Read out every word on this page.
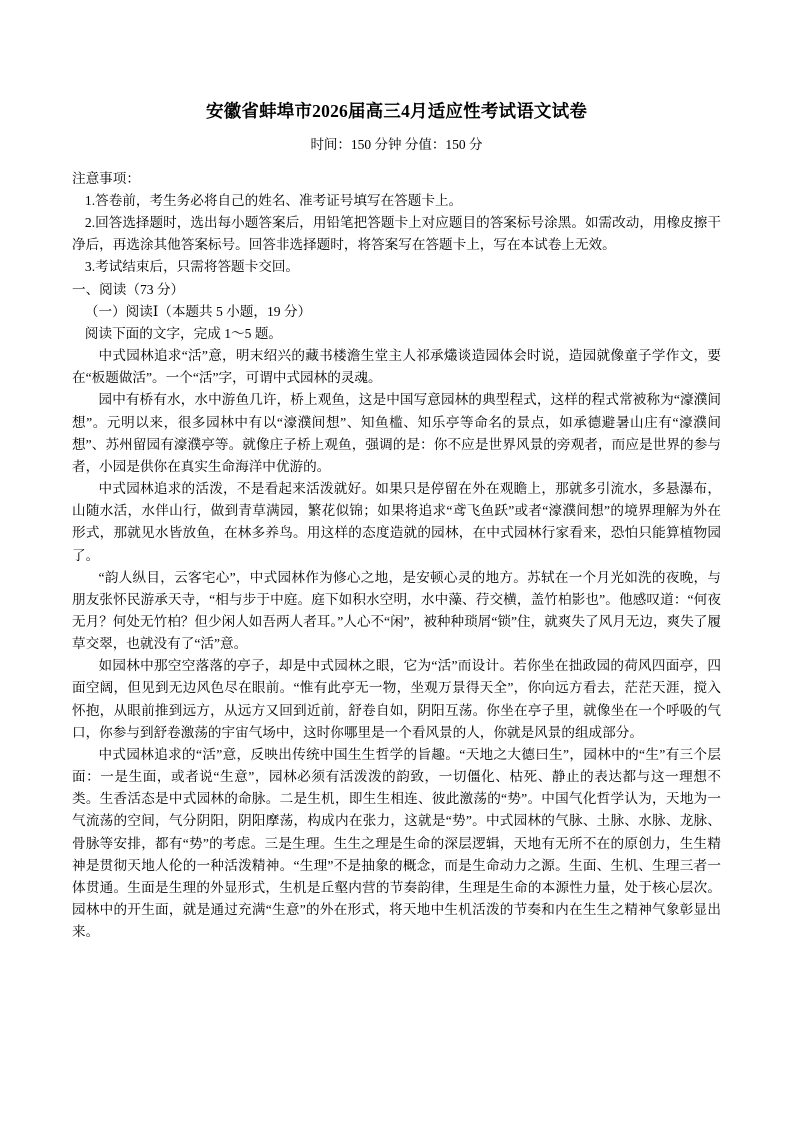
安徽省蚌埠市2026届高三4月适应性考试语文试卷
时间：150 分钟 分值：150 分

注意事项：

1.答卷前，考生务必将自己的姓名、准考证号填写在答题卡上。

2.回答选择题时，选出每小题答案后，用铅笔把答题卡上对应题目的答案标号涂黑。如需改动，用橡皮擦干净后，再选涂其他答案标号。回答非选择题时，将答案写在答题卡上，写在本试卷上无效。

3.考试结束后，只需将答题卡交回。

一、阅读（73 分）

（一）阅读Ⅰ（本题共 5 小题，19 分）

阅读下面的文字，完成 1～5 题。

中式园林追求“活”意，明末绍兴的藏书楼澹生堂主人祁承爜谈造园体会时说，造园就像童子学作文，要在“板题做活”。一个“活”字，可谓中式园林的灵魂。

园中有桥有水，水中游鱼几许，桥上观鱼，这是中国写意园林的典型程式，这样的程式常被称为“濠濮间想”。元明以来，很多园林中有以“濠濮间想”、知鱼槛、知乐亭等命名的景点，如承德避暑山庄有“濠濮间想”、苏州留园有濠濮亭等。就像庄子桥上观鱼，强调的是：你不应是世界风景的旁观者，而应是世界的参与者，小园是供你在真实生命海洋中优游的。

中式园林追求的活泼，不是看起来活泼就好。如果只是停留在外在观瞻上，那就多引流水，多悬瀑布，山随水活，水伴山行，做到青草满园，繁花似锦；如果将追求“鸢飞鱼跃”或者“濠濮间想”的境界理解为外在形式，那就见水皆放鱼，在林多养鸟。用这样的态度造就的园林，在中式园林行家看来，恐怕只能算植物园了。

“韵人纵目，云客宅心”，中式园林作为修心之地，是安顿心灵的地方。苏轼在一个月光如洗的夜晚，与朋友张怀民游承天寺，“相与步于中庭。庭下如积水空明，水中藻、荇交横，盖竹柏影也”。他感叹道：“何夜无月？何处无竹柏？但少闲人如吾两人者耳。”人心不“闲”，被种种琐屑“锁”住，就爽失了风月无边，爽失了履草交翠，也就没有了“活”意。

如园林中那空空落落的亭子，却是中式园林之眼，它为“活”而设计。若你坐在拙政园的荷风四面亭，四面空阔，但见到无边风色尽在眼前。“惟有此亭无一物，坐观万景得天全”，你向远方看去，茫茫天涯，搅入怀抱，从眼前推到远方，从远方又回到近前，舒卷自如，阴阳互荡。你坐在亭子里，就像坐在一个呼吸的气口，你参与到舒卷激荡的宇宙气场中，这时你哪里是一个看风景的人，你就是风景的组成部分。

中式园林追求的“活”意，反映出传统中国生生哲学的旨趣。“天地之大德曰生”，园林中的“生”有三个层面：一是生面，或者说“生意”，园林必须有活泼泼的韵致，一切僵化、枯死、静止的表达都与这一理想不类。生香活态是中式园林的命脉。二是生机，即生生相连、彼此激荡的“势”。中国气化哲学认为，天地为一气流荡的空间，气分阴阳，阴阳摩荡，构成内在张力，这就是“势”。中式园林的气脉、土脉、水脉、龙脉、骨脉等安排，都有“势”的考虑。三是生理。生生之理是生命的深层逻辑，天地有无所不在的原创力，生生精神是贯彻天地人伦的一种活泼精神。“生理”不是抽象的概念，而是生命动力之源。生面、生机、生理三者一体贯通。生面是生理的外显形式，生机是丘壑内营的节奏韵律，生理是生命的本源性力量，处于核心层次。园林中的开生面，就是通过充满“生意”的外在形式，将天地中生机活泼的节奏和内在生生之精神气象彰显出来。
